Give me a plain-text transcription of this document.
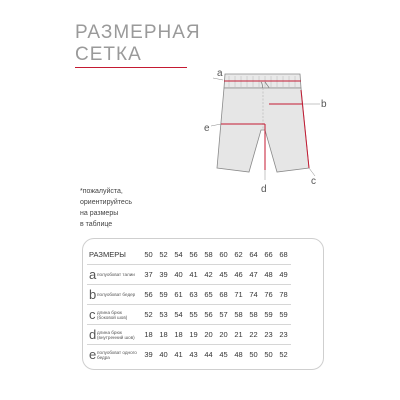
РАЗМЕРНАЯ
СЕТКА
a
b
e
c
d
*пожалуйста,
ориентируйтесь
на размеры
в таблице
РАЗМЕРЫ	50	52	54	56	58	60	62	64	66	68

a полуобхват талии	37	39	40	41	42	45	46	47	48	49

b полуобхват бедер	56	59	61	63	65	68	71	74	76	78

c длина брюк (боковой шов)	52	53	54	55	56	57	58	58	59	59

d длина брюк (внутренний шов)	18	18	18	19	20	20	21	22	23	23

e полуобхват одного бедра	39	40	41	43	44	45	48	50	50	52
